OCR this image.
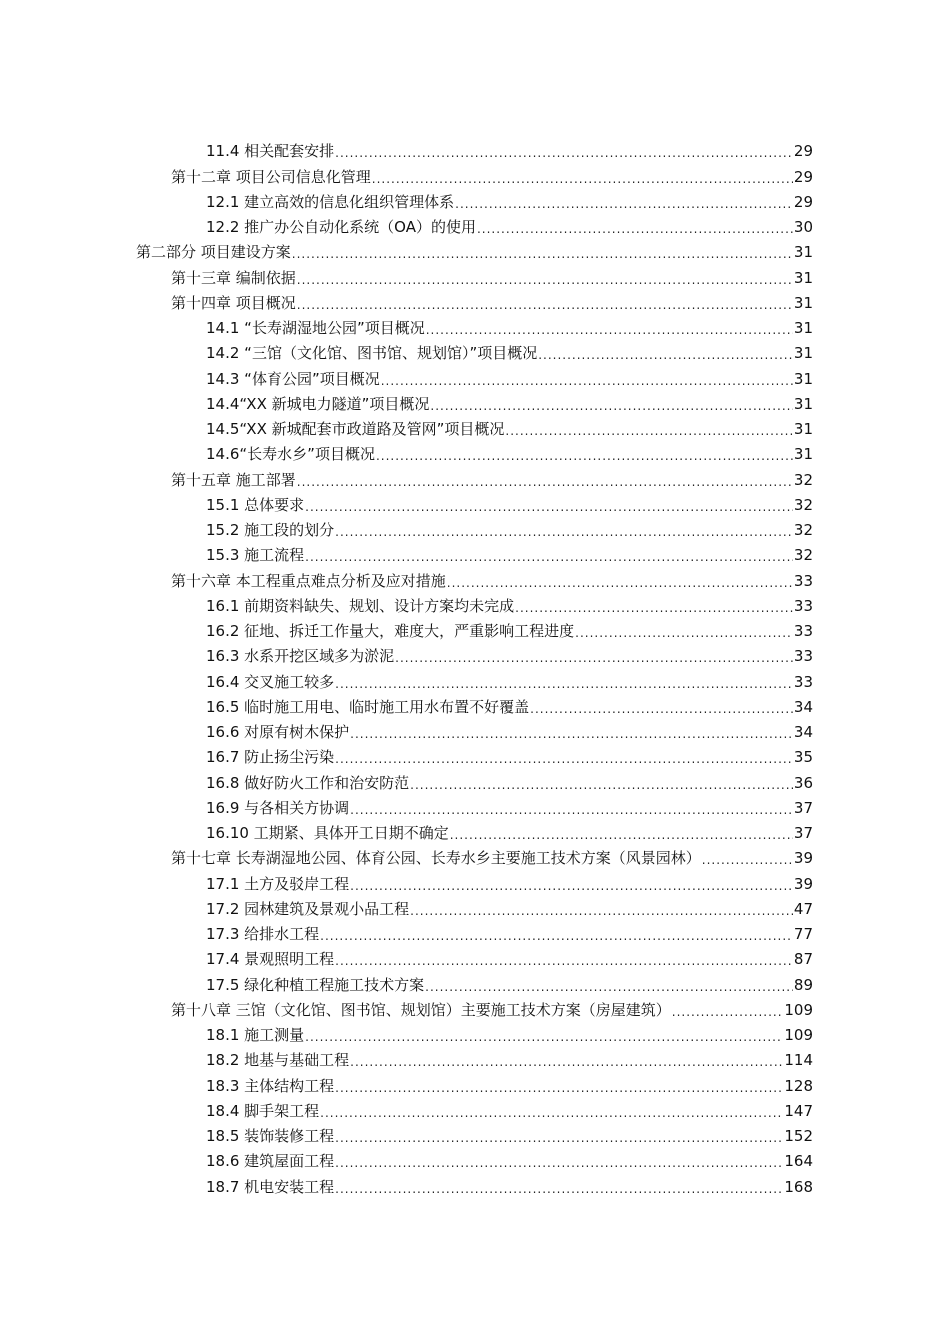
11.4 相关配套安排 .....	29
第十二章 项目公司信息化管理 .....	29
12.1 建立高效的信息化组织管理体系 .....	29
12.2 推广办公自动化系统（OA）的使用 .....	30
第二部分 项目建设方案 .....	31
第十三章 编制依据 .....	31
第十四章 项目概况 .....	31
14.1 “长寿湖湿地公园”项目概况 .....	31
14.2 “三馆（文化馆、图书馆、规划馆）”项目概况 .....	31
14.3 “体育公园”项目概况 .....	31
14.4“XX 新城电力隧道”项目概况 .....	31
14.5“XX 新城配套市政道路及管网”项目概况 .....	31
14.6“长寿水乡”项目概况 .....	31
第十五章 施工部署 .....	32
15.1 总体要求 .....	32
15.2 施工段的划分 .....	32
15.3 施工流程 .....	32
第十六章 本工程重点难点分析及应对措施 .....	33
16.1 前期资料缺失、规划、设计方案均未完成 .....	33
16.2 征地、拆迁工作量大，难度大，严重影响工程进度 .....	33
16.3 水系开挖区域多为淤泥 .....	33
16.4 交叉施工较多 .....	33
16.5 临时施工用电、临时施工用水布置不好覆盖 .....	34
16.6 对原有树木保护 .....	34
16.7 防止扬尘污染 .....	35
16.8 做好防火工作和治安防范 .....	36
16.9 与各相关方协调 .....	37
16.10 工期紧、具体开工日期不确定 .....	37
第十七章 长寿湖湿地公园、体育公园、长寿水乡主要施工技术方案（风景园林） .....	39
17.1 土方及驳岸工程 .....	39
17.2 园林建筑及景观小品工程 .....	47
17.3 给排水工程 .....	77
17.4 景观照明工程 .....	87
17.5 绿化种植工程施工技术方案 .....	89
第十八章 三馆（文化馆、图书馆、规划馆）主要施工技术方案（房屋建筑） .....	109
18.1 施工测量 .....	109
18.2 地基与基础工程 .....	114
18.3 主体结构工程 .....	128
18.4 脚手架工程 .....	147
18.5 装饰装修工程 .....	152
18.6 建筑屋面工程 .....	164
18.7 机电安装工程 .....	168
